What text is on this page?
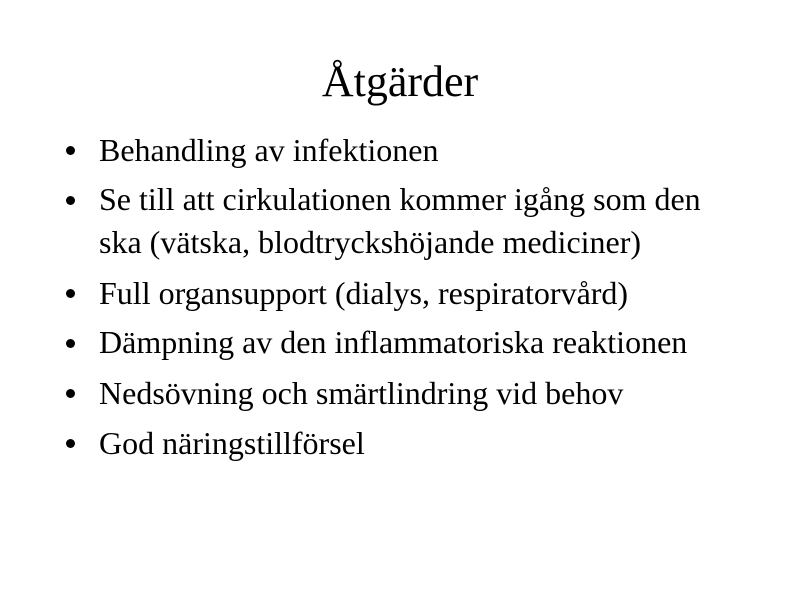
Åtgärder
Behandling av infektionen
Se till att cirkulationen kommer igång som den ska (vätska, blodtryckshöjande mediciner)
Full organsupport (dialys, respiratorvård)
Dämpning av den inflammatoriska reaktionen
Nedsövning och smärtlindring vid behov
God näringstillförsel
